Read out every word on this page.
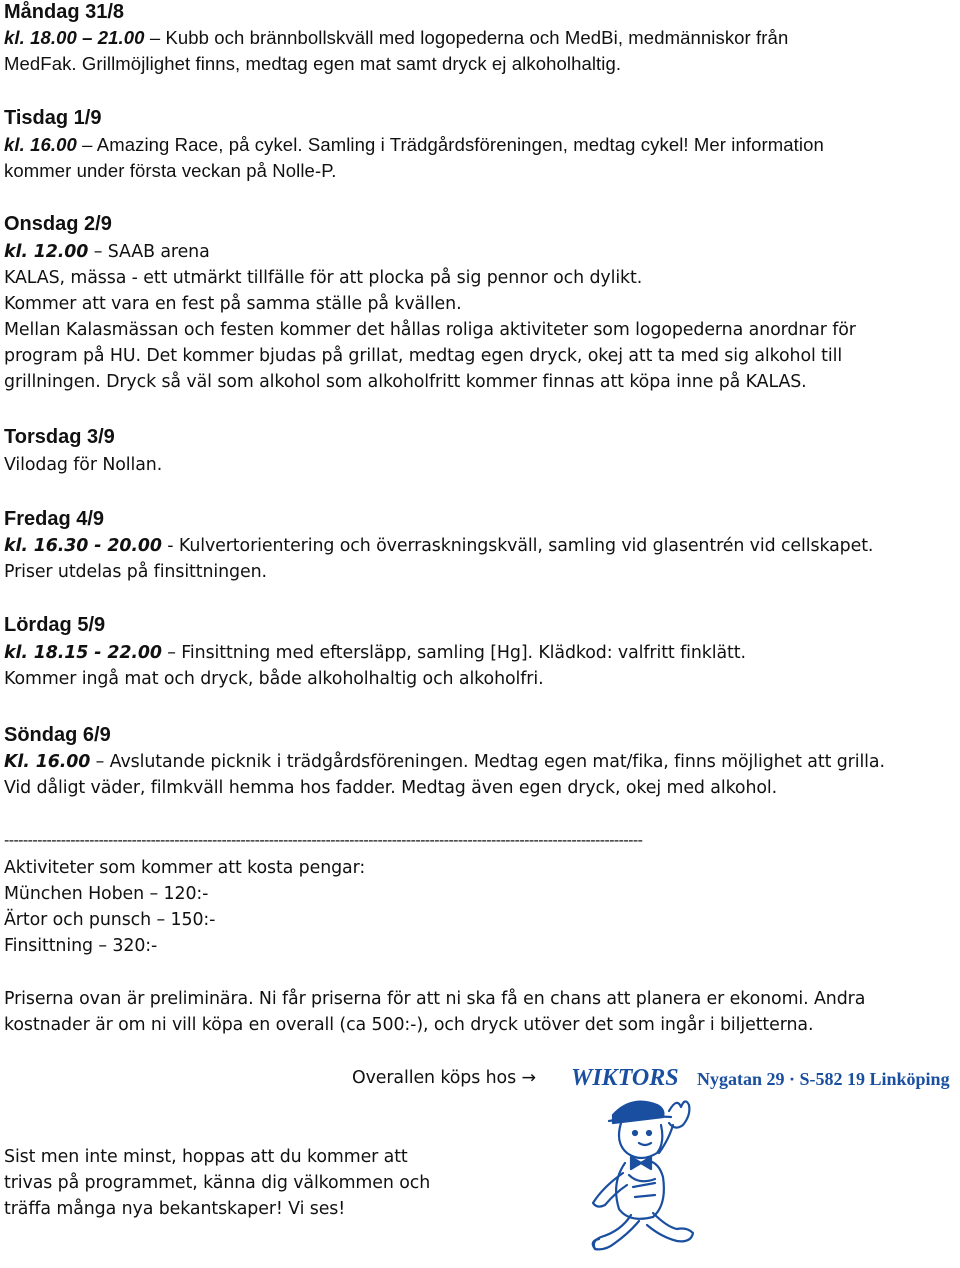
Måndag 31/8
kl. 18.00 – 21.00 – Kubb och brännbollskväll med logopederna och MedBi, medmänniskor från
MedFak. Grillmöjlighet finns, medtag egen mat samt dryck ej alkoholhaltig.
Tisdag 1/9
kl. 16.00 – Amazing Race, på cykel. Samling i Trädgårdsföreningen, medtag cykel! Mer information
kommer under första veckan på Nolle-P.
Onsdag 2/9
kl. 12.00 – SAAB arena
KALAS, mässa - ett utmärkt tillfälle för att plocka på sig pennor och dylikt.
Kommer att vara en fest på samma ställe på kvällen.
Mellan Kalasmässan och festen kommer det hållas roliga aktiviteter som logopederna anordnar för
program på HU. Det kommer bjudas på grillat, medtag egen dryck, okej att ta med sig alkohol till
grillningen. Dryck så väl som alkohol som alkoholfritt kommer finnas att köpa inne på KALAS.
Torsdag 3/9
Vilodag för Nollan.
Fredag 4/9
kl. 16.30 - 20.00 - Kulvertorientering och överraskningskväll, samling vid glasentrén vid cellskapet.
Priser utdelas på finsittningen.
Lördag 5/9
kl. 18.15 - 22.00 – Finsittning med eftersläpp, samling [Hg]. Klädkod: valfritt finklätt.
Kommer ingå mat och dryck, både alkoholhaltig och alkoholfri.
Söndag 6/9
Kl. 16.00 – Avslutande picknik i trädgårdsföreningen. Medtag egen mat/fika, finns möjlighet att grilla.
Vid dåligt väder, filmkväll hemma hos fadder. Medtag även egen dryck, okej med alkohol.
---------------------------------------------------------------------------------------------------------------------------------------
Aktiviteter som kommer att kosta pengar:
München Hoben – 120:-
Ärtor och punsch – 150:-
Finsittning – 320:-
Priserna ovan är preliminära. Ni får priserna för att ni ska få en chans att planera er ekonomi. Andra
kostnader är om ni vill köpa en overall (ca 500:-), och dryck utöver det som ingår i biljetterna.
Overallen köps hos →
Sist men inte minst, hoppas att du kommer att
trivas på programmet, känna dig välkommen och
träffa många nya bekantskaper! Vi ses!
WIKTORS Nygatan 29 · S-582 19 Linköping
